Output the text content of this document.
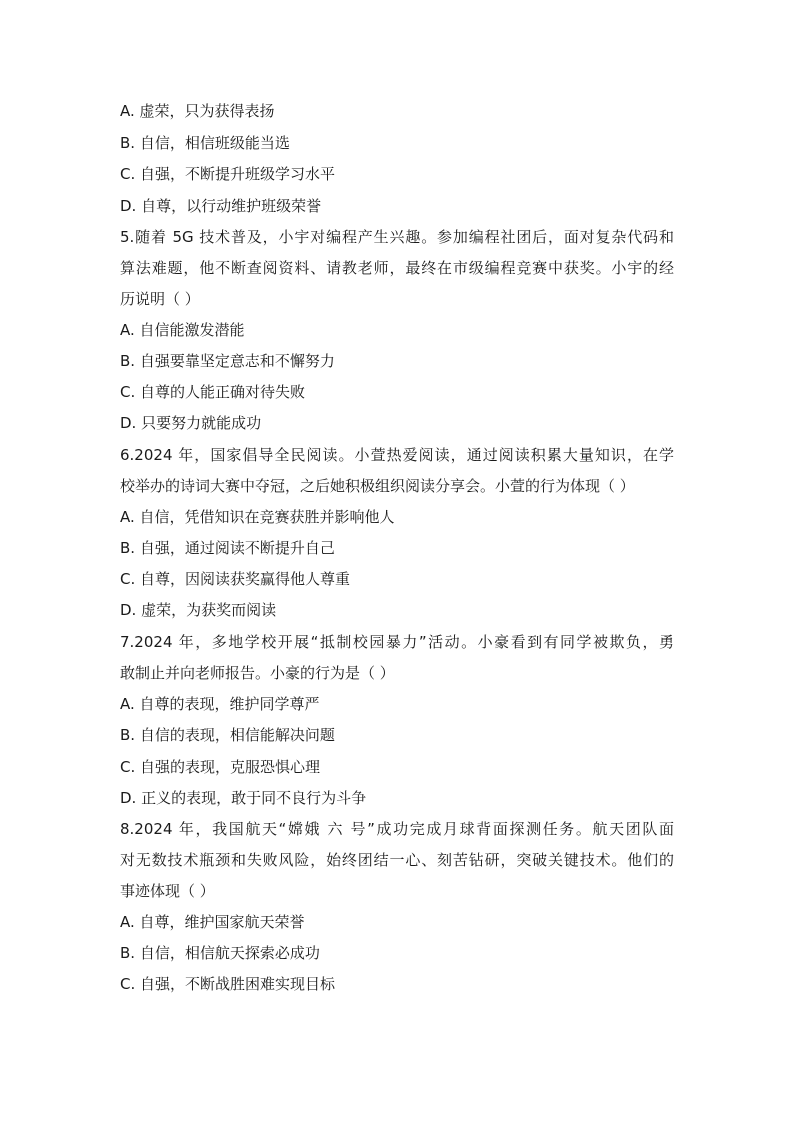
A. 虚荣，只为获得表扬
B. 自信，相信班级能当选
C. 自强，不断提升班级学习水平
D. 自尊，以行动维护班级荣誉
5.随着 5G 技术普及，小宇对编程产生兴趣。参加编程社团后，面对复杂代码和
算法难题，他不断查阅资料、请教老师，最终在市级编程竞赛中获奖。小宇的经
历说明（ ）
A. 自信能激发潜能
B. 自强要靠坚定意志和不懈努力
C. 自尊的人能正确对待失败
D. 只要努力就能成功
6.2024 年，国家倡导全民阅读。小萱热爱阅读，通过阅读积累大量知识，在学
校举办的诗词大赛中夺冠，之后她积极组织阅读分享会。小萱的行为体现（ ）
A. 自信，凭借知识在竞赛获胜并影响他人
B. 自强，通过阅读不断提升自己
C. 自尊，因阅读获奖赢得他人尊重
D. 虚荣，为获奖而阅读
7.2024 年，多地学校开展“抵制校园暴力”活动。小豪看到有同学被欺负，勇
敢制止并向老师报告。小豪的行为是（ ）
A. 自尊的表现，维护同学尊严
B. 自信的表现，相信能解决问题
C. 自强的表现，克服恐惧心理
D. 正义的表现，敢于同不良行为斗争
8.2024 年，我国航天“嫦娥 六 号”成功完成月球背面探测任务。航天团队面
对无数技术瓶颈和失败风险，始终团结一心、刻苦钻研，突破关键技术。他们的
事迹体现（ ）
A. 自尊，维护国家航天荣誉
B. 自信，相信航天探索必成功
C. 自强，不断战胜困难实现目标
